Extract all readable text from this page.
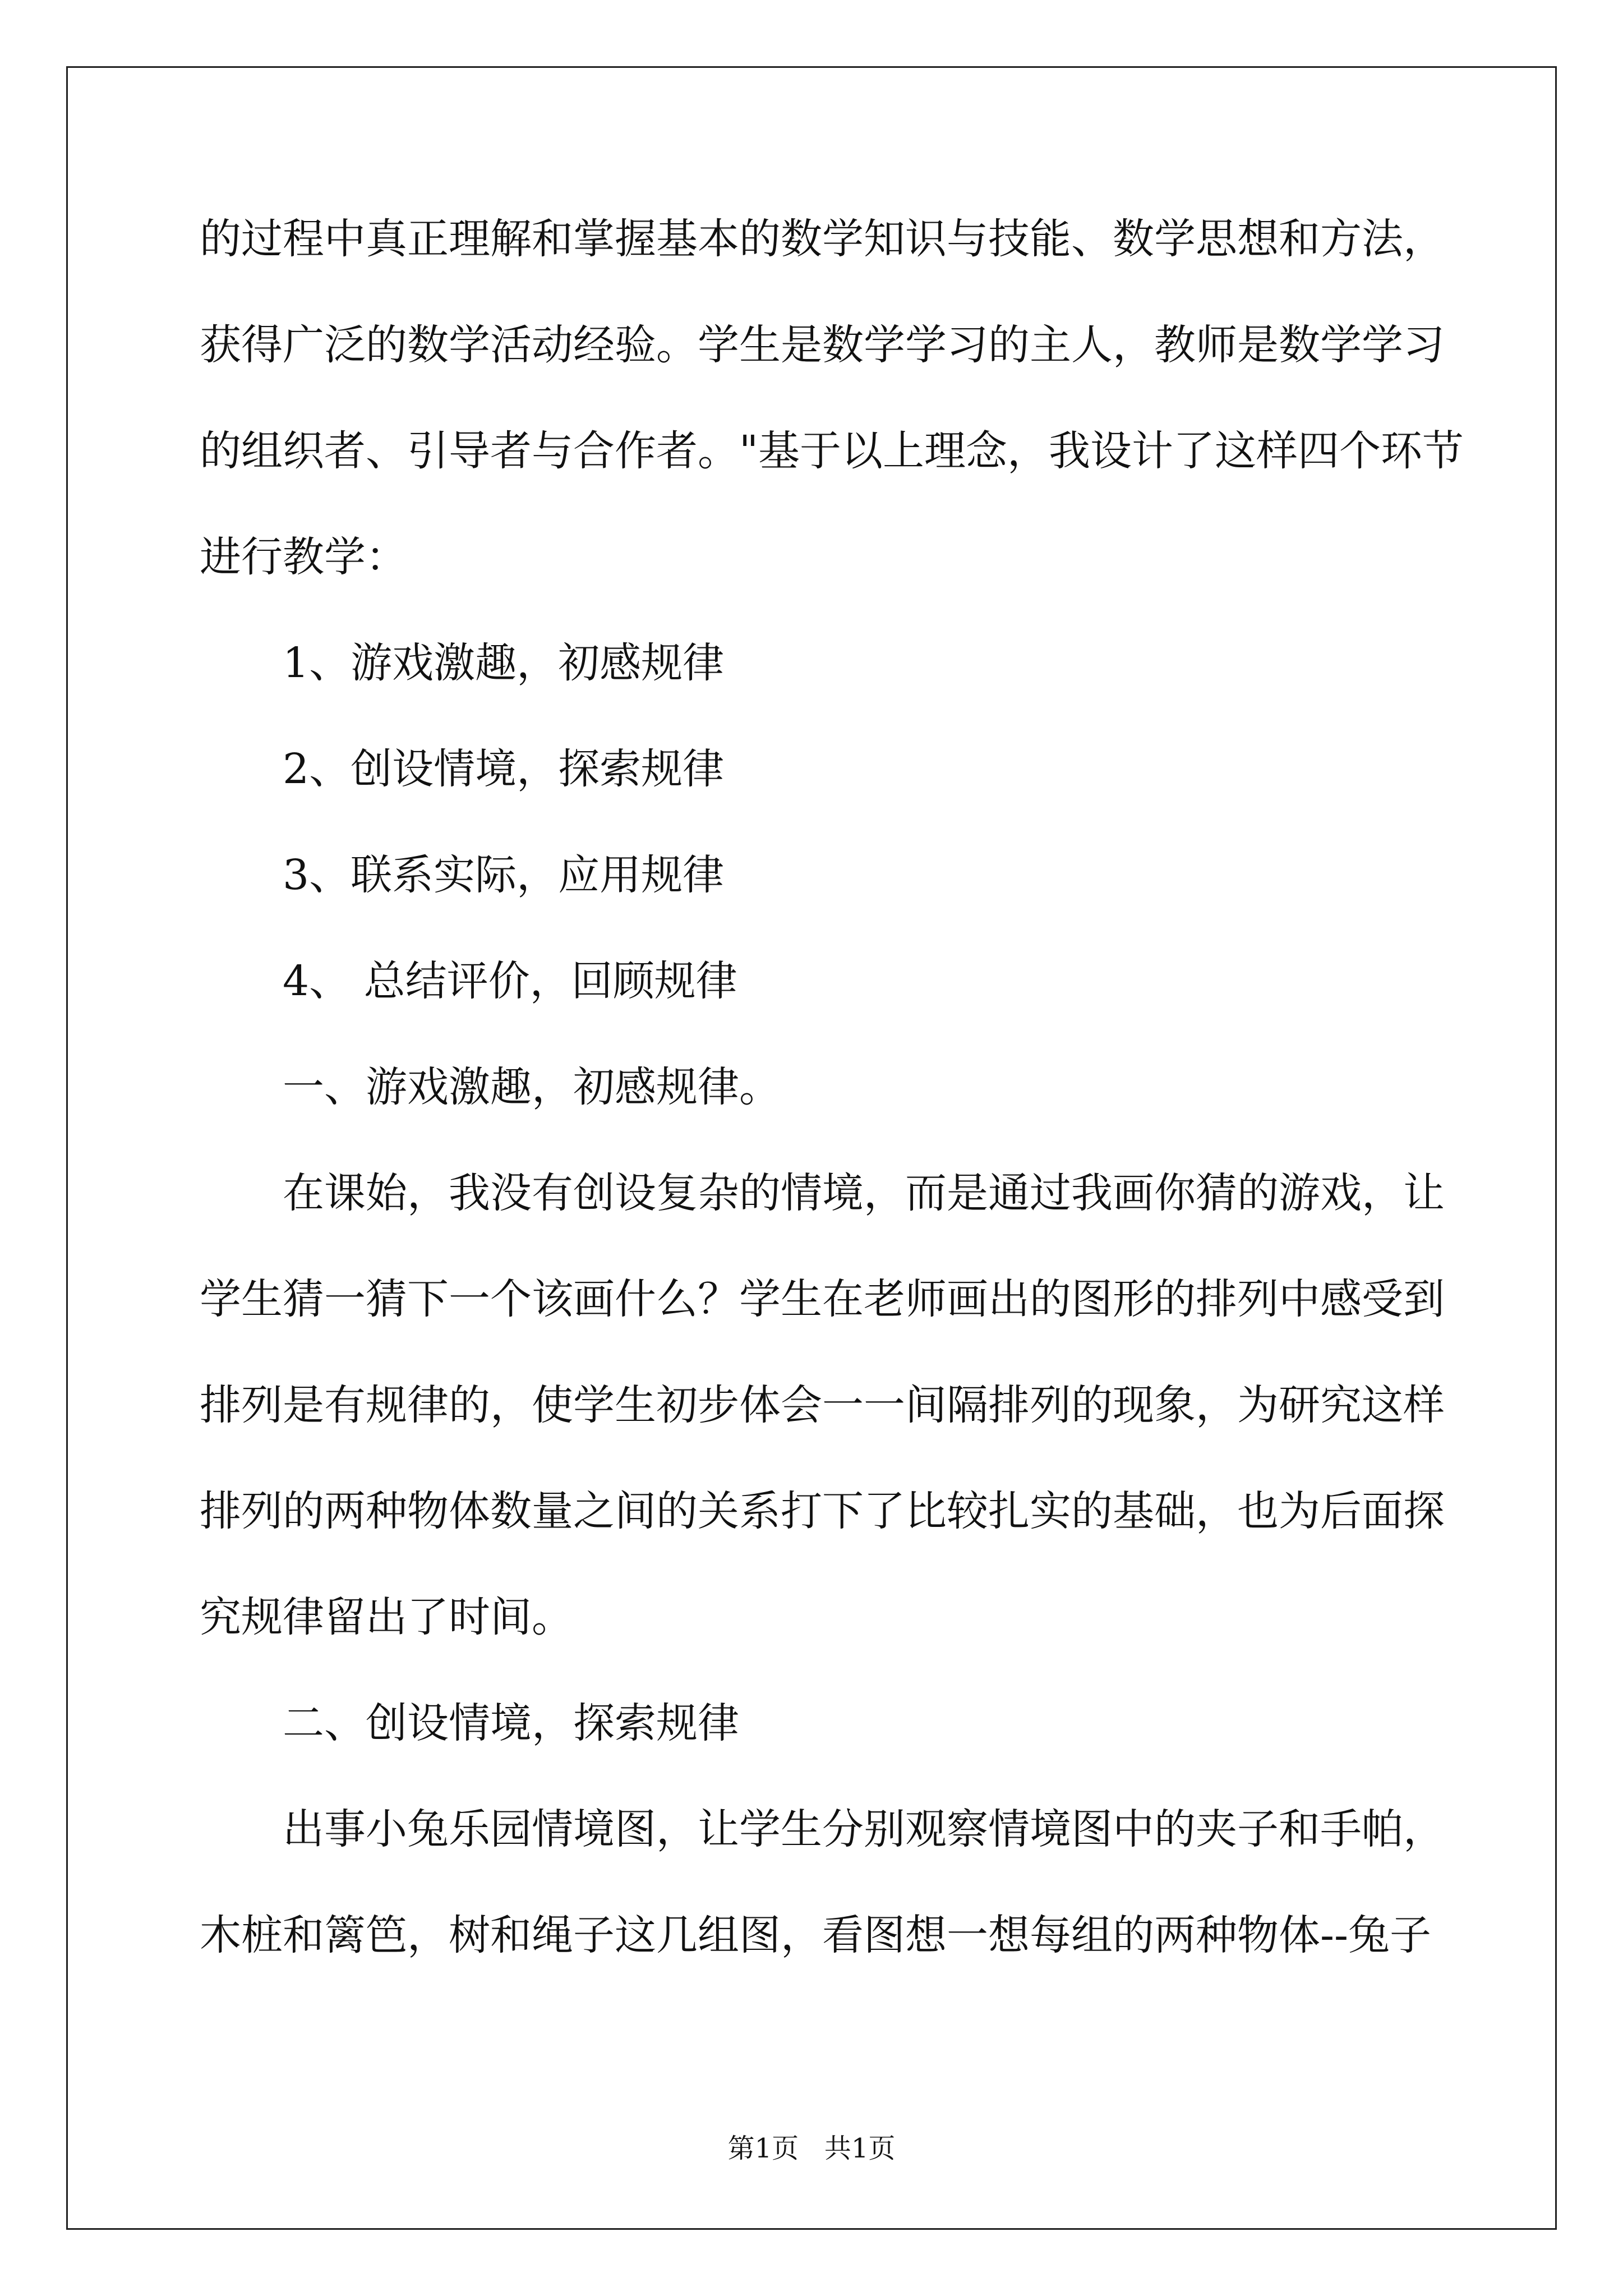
的过程中真正理解和掌握基本的数学知识与技能、数学思想和方法，

获得广泛的数学活动经验。学生是数学学习的主人，教师是数学学习

的组织者、引导者与合作者。"基于以上理念，我设计了这样四个环节

进行教学：

1、游戏激趣，初感规律

2、创设情境，探索规律

3、联系实际，应用规律

4、 总结评价，回顾规律

一、游戏激趣，初感规律。

在课始，我没有创设复杂的情境，而是通过我画你猜的游戏，让

学生猜一猜下一个该画什么？学生在老师画出的图形的排列中感受到

排列是有规律的，使学生初步体会一一间隔排列的现象，为研究这样

排列的两种物体数量之间的关系打下了比较扎实的基础，也为后面探

究规律留出了时间。

二、创设情境，探索规律

出事小兔乐园情境图，让学生分别观察情境图中的夹子和手帕，

木桩和篱笆，树和绳子这几组图，看图想一想每组的两种物体--兔子

第1页   共1页
